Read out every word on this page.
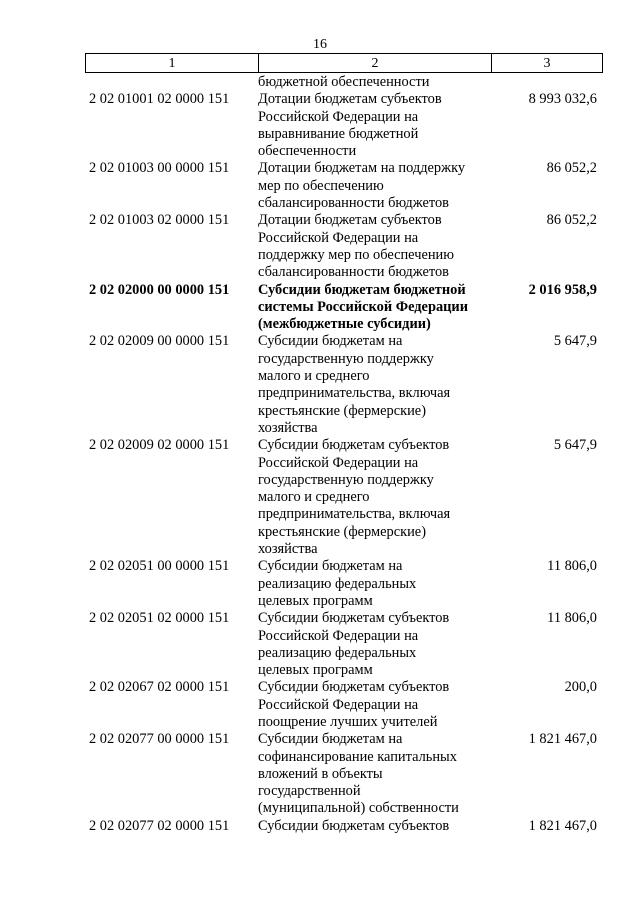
16
1	2	3
бюджетной обеспеченности
2 02 01001 02 0000 151	Дотации бюджетам субъектов
Российской Федерации на
выравнивание бюджетной
обеспеченности
8 993 032,6
2 02 01003 00 0000 151	Дотации бюджетам на поддержку
мер по обеспечению
сбалансированности бюджетов
86 052,2
2 02 01003 02 0000 151	Дотации бюджетам субъектов
Российской Федерации на
поддержку мер по обеспечению
сбалансированности бюджетов
86 052,2
2 02 02000 00 0000 151	Субсидии бюджетам бюджетной
системы Российской Федерации
(межбюджетные субсидии)
2 016 958,9
2 02 02009 00 0000 151	Субсидии бюджетам на
государственную поддержку
малого и среднего
предпринимательства, включая
крестьянские (фермерские)
хозяйства
5 647,9
2 02 02009 02 0000 151	Субсидии бюджетам субъектов
Российской Федерации на
государственную поддержку
малого и среднего
предпринимательства, включая
крестьянские (фермерские)
хозяйства
5 647,9
2 02 02051 00 0000 151	Субсидии бюджетам на
реализацию федеральных
целевых программ
11 806,0
2 02 02051 02 0000 151	Субсидии бюджетам субъектов
Российской Федерации на
реализацию федеральных
целевых программ
11 806,0
2 02 02067 02 0000 151	Субсидии бюджетам субъектов
Российской Федерации на
поощрение лучших учителей
200,0
2 02 02077 00 0000 151	Субсидии бюджетам на
софинансирование капитальных
вложений в объекты
государственной
(муниципальной) собственности
1 821 467,0
2 02 02077 02 0000 151	Субсидии бюджетам субъектов	1 821 467,0
